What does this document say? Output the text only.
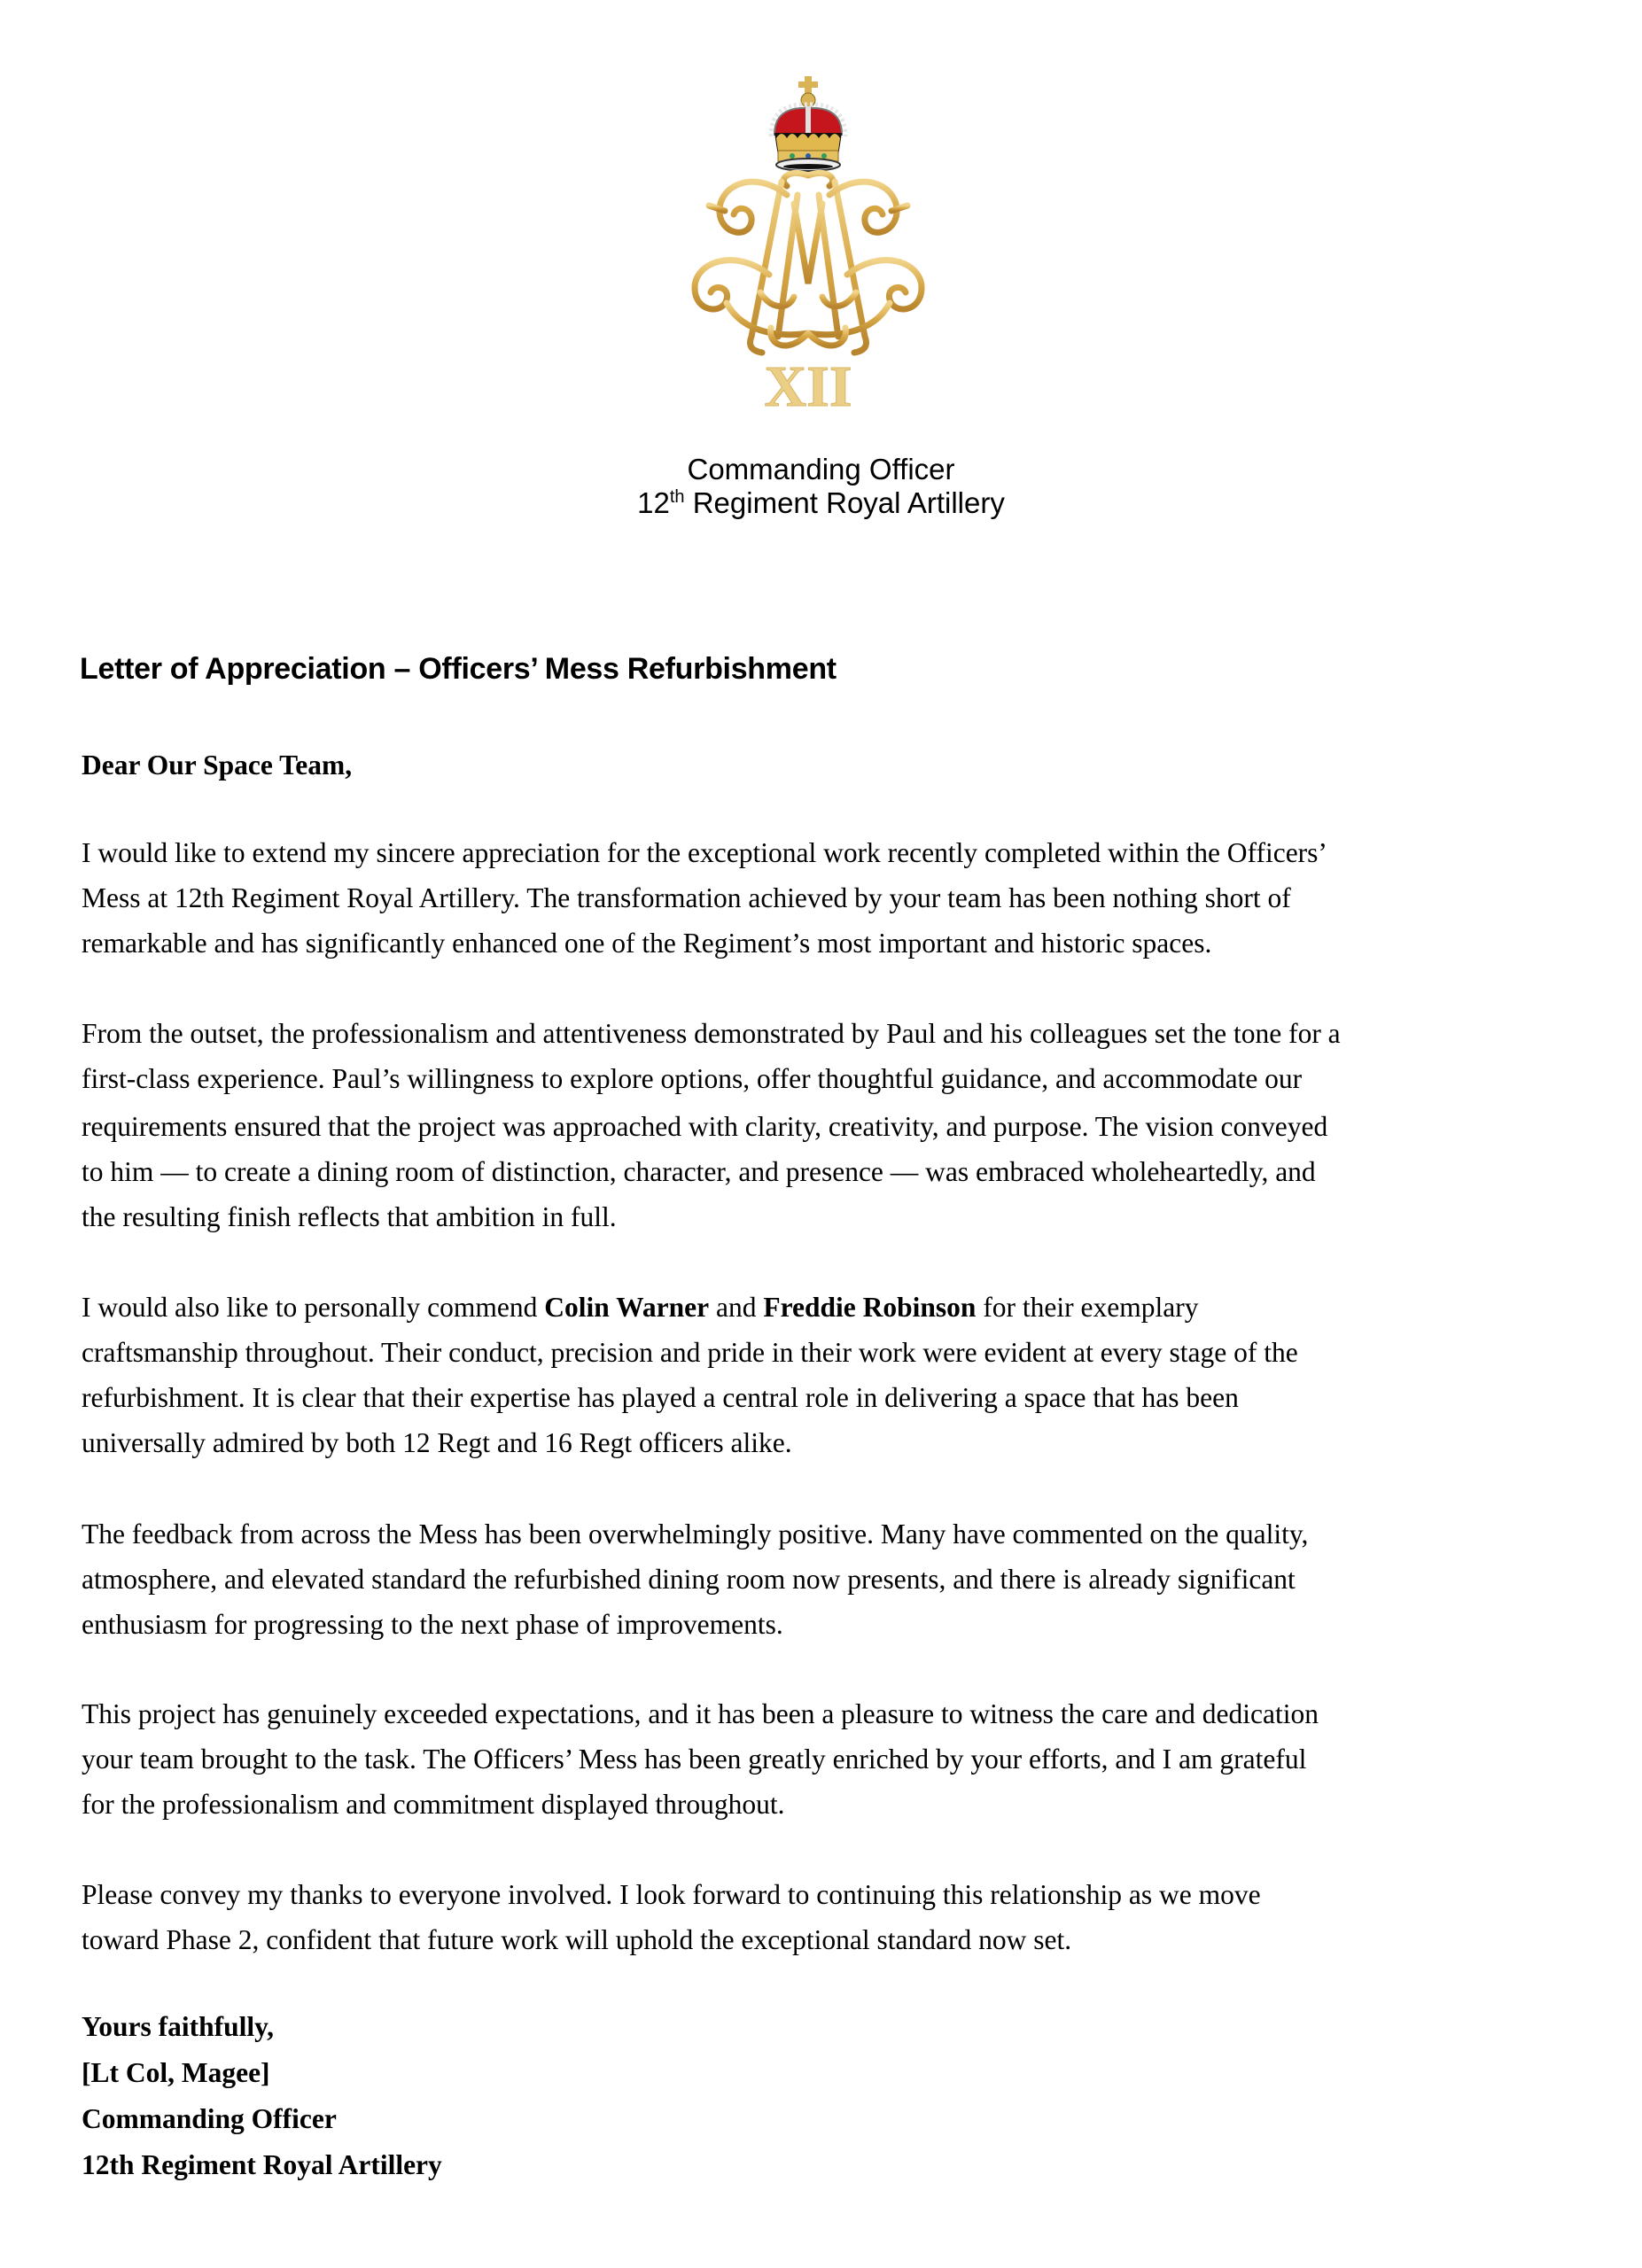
XII
Commanding Officer
12th Regiment Royal Artillery
Letter of Appreciation – Officers’ Mess Refurbishment
Dear Our Space Team,
I would like to extend my sincere appreciation for the exceptional work recently completed within the Officers’
Mess at 12th Regiment Royal Artillery. The transformation achieved by your team has been nothing short of
remarkable and has significantly enhanced one of the Regiment’s most important and historic spaces.
From the outset, the professionalism and attentiveness demonstrated by Paul and his colleagues set the tone for a
first-class experience. Paul’s willingness to explore options, offer thoughtful guidance, and accommodate our
requirements ensured that the project was approached with clarity, creativity, and purpose. The vision conveyed
to him — to create a dining room of distinction, character, and presence — was embraced wholeheartedly, and
the resulting finish reflects that ambition in full.
I would also like to personally commend Colin Warner and Freddie Robinson for their exemplary
craftsmanship throughout. Their conduct, precision and pride in their work were evident at every stage of the
refurbishment. It is clear that their expertise has played a central role in delivering a space that has been
universally admired by both 12 Regt and 16 Regt officers alike.
The feedback from across the Mess has been overwhelmingly positive. Many have commented on the quality,
atmosphere, and elevated standard the refurbished dining room now presents, and there is already significant
enthusiasm for progressing to the next phase of improvements.
This project has genuinely exceeded expectations, and it has been a pleasure to witness the care and dedication
your team brought to the task. The Officers’ Mess has been greatly enriched by your efforts, and I am grateful
for the professionalism and commitment displayed throughout.
Please convey my thanks to everyone involved. I look forward to continuing this relationship as we move
toward Phase 2, confident that future work will uphold the exceptional standard now set.
Yours faithfully,
[Lt Col, Magee]
Commanding Officer
12th Regiment Royal Artillery
